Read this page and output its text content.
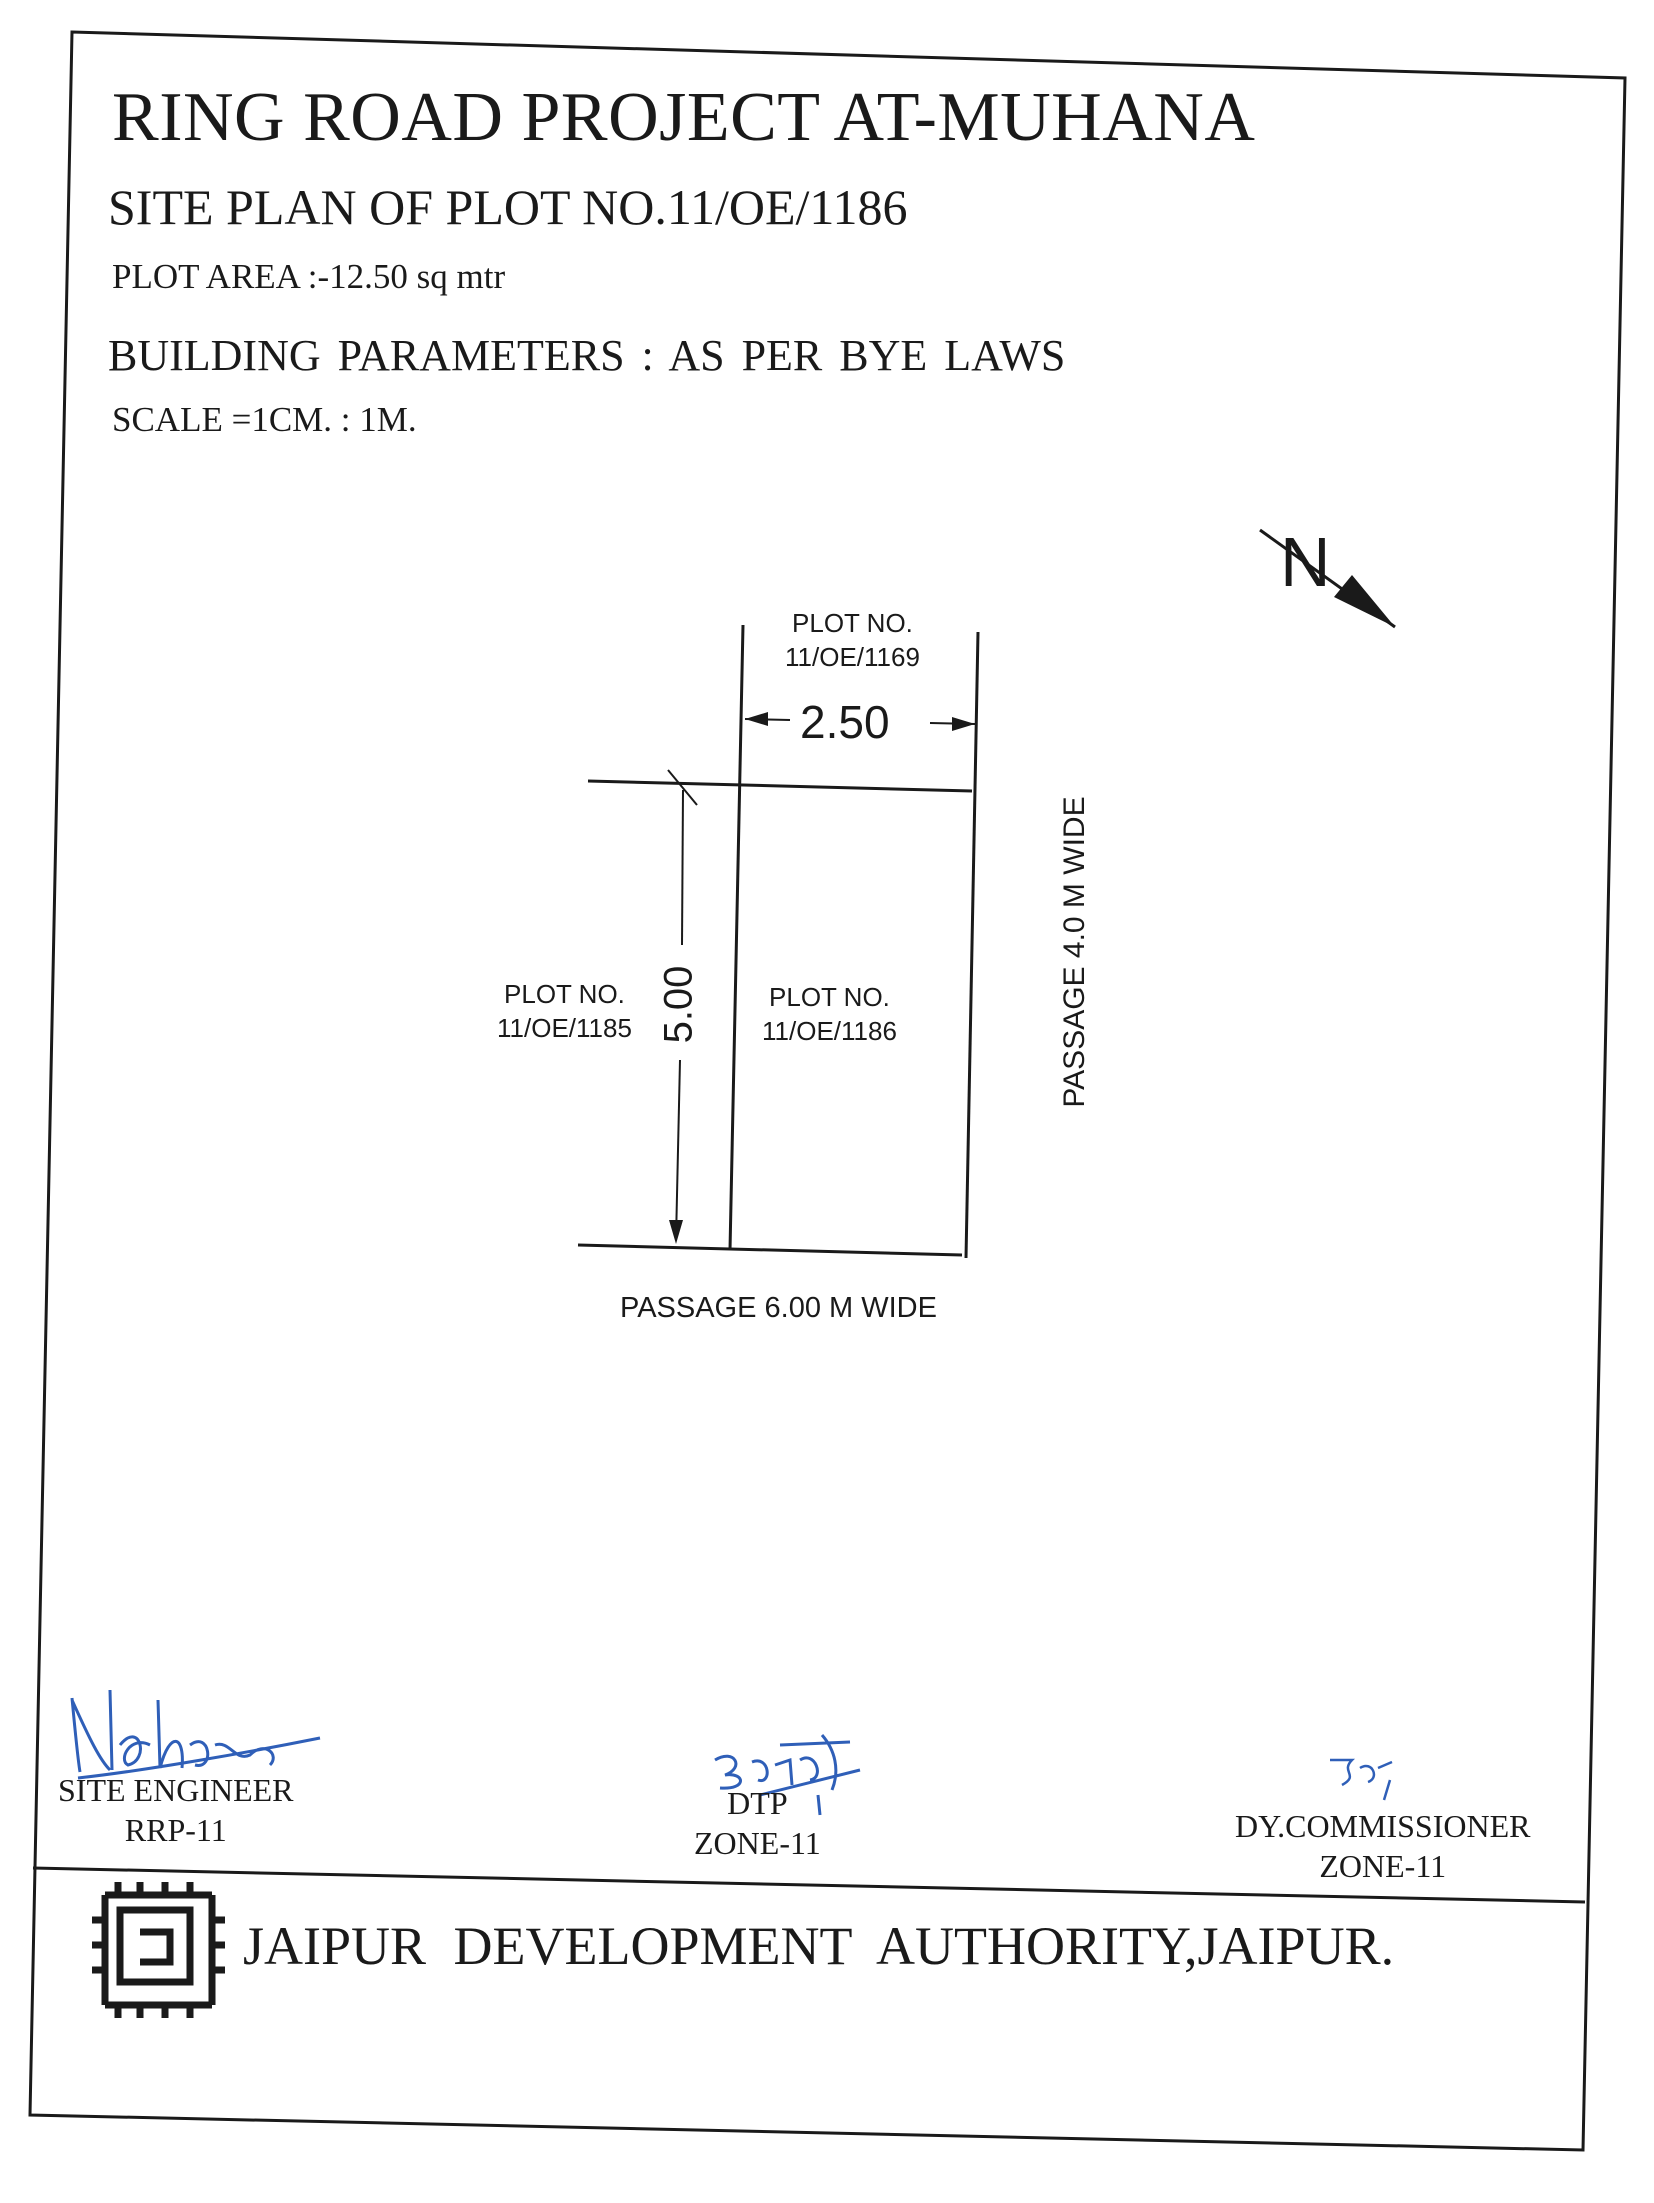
RING ROAD PROJECT AT-MUHANA
SITE PLAN OF PLOT NO.11/OE/1186
PLOT AREA :-12.50 sq mtr
BUILDING PARAMETERS : AS PER BYE LAWS
SCALE =1CM. : 1M.
N
PLOT NO.
11/OE/1169
PLOT NO.
11/OE/1185
PLOT NO.
11/OE/1186
2.50
5.00	PASSAGE 4.0 M WIDE
PASSAGE 6.00 M WIDE
SITE ENGINEER
RRP-11
DTP
ZONE-11	DY.COMMISSIONER
ZONE-11
JAIPUR DEVELOPMENT AUTHORITY,JAIPUR.
